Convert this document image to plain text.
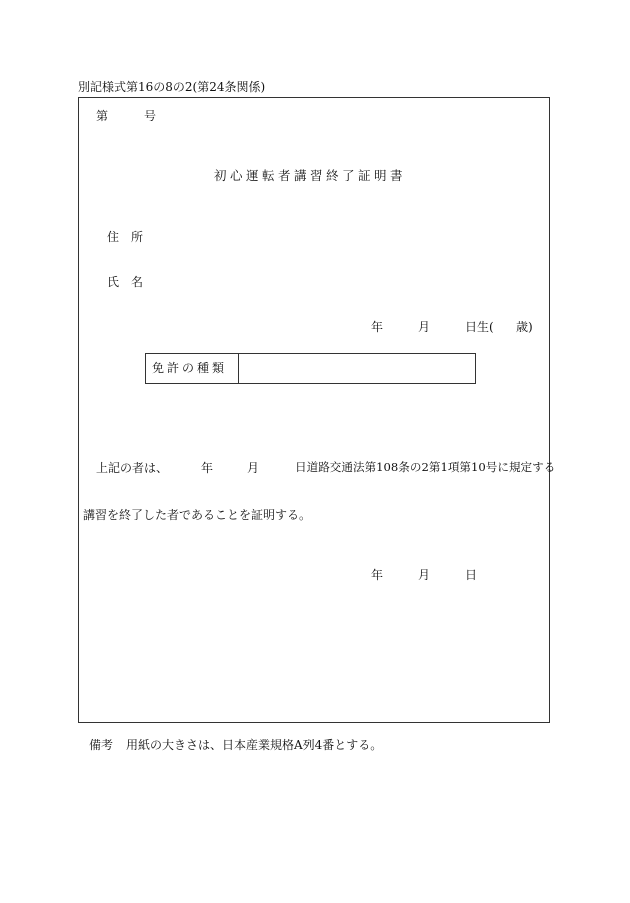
別記様式第16の8の2(第24条関係)
第	号
初心運転者講習終了証明書
住　所
氏　名
年	月	日生( 歳)
免許の種類
上記の者は、	年	月	日道路交通法第108条の2第1項第10号に規定する
講習を終了した者であることを証明する。
年	月	日
備考 用紙の大きさは、日本産業規格A列4番とする。
